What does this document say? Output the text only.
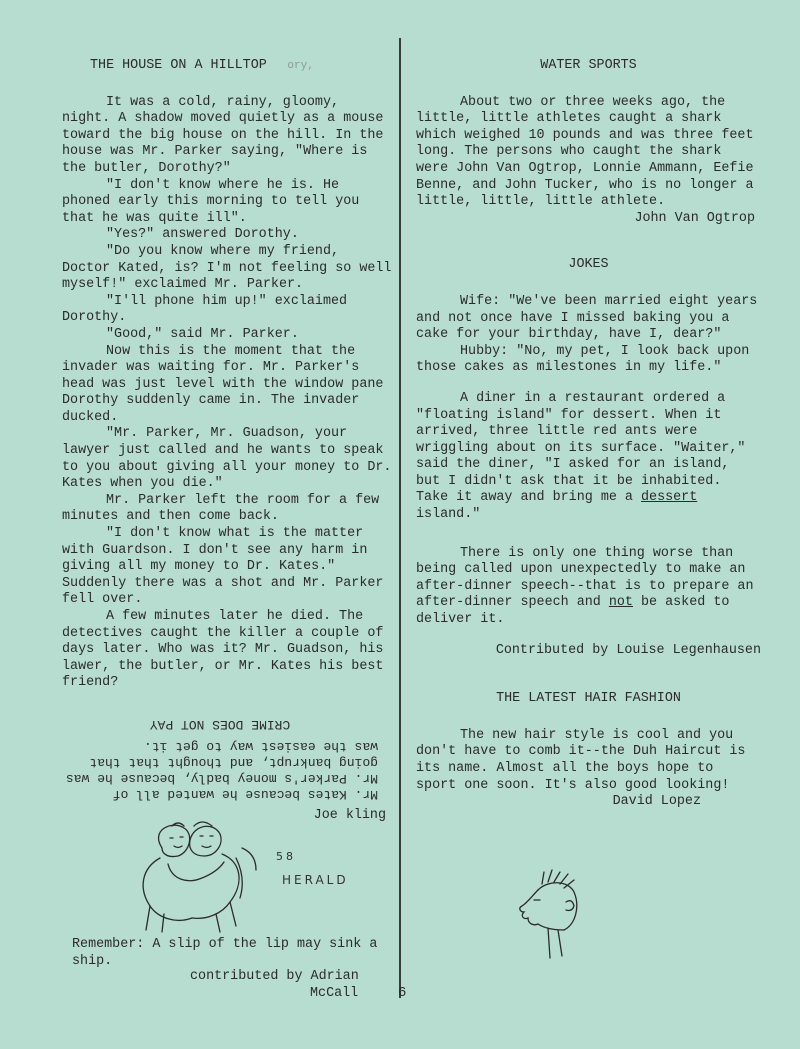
THE HOUSE ON A HILLTOP ory,

It was a cold, rainy, gloomy, night. A shadow moved quietly as a mouse toward the big house on the hill. In the house was Mr. Parker saying, "Where is the butler, Dorothy?"

"I don't know where he is. He phoned early this morning to tell you that he was quite ill".

"Yes?" answered Dorothy.

"Do you know where my friend, Doctor Kated, is? I'm not feeling so well myself!" exclaimed Mr. Parker.

"I'll phone him up!" exclaimed Dorothy.

"Good," said Mr. Parker.

Now this is the moment that the invader was waiting for. Mr. Parker's head was just level with the window pane Dorothy suddenly came in. The invader ducked.

"Mr. Parker, Mr. Guadson, your lawyer just called and he wants to speak to you about giving all your money to Dr. Kates when you die."

Mr. Parker left the room for a few minutes and then come back.

"I don't know what is the matter with Guardson. I don't see any harm in giving all my money to Dr. Kates." Suddenly there was a shot and Mr. Parker fell over.

A few minutes later he died. The detectives caught the killer a couple of days later. Who was it? Mr. Guadson, his lawer, the butler, or Mr. Kates his best friend?

Mr. Kates because he wanted all of
Mr. Parker's money badly, because he was
going bankrupt, and thought that that
was the easiest way to get it.
CRIME DOES NOT PAY

Joe kling

58
HERALD
Remember: A slip of the lip may sink a ship.
contributed by Adrian
McCall	6
WATER SPORTS

About two or three weeks ago, the little, little athletes caught a shark which weighed 10 pounds and was three feet long. The persons who caught the shark were John Van Ogtrop, Lonnie Ammann, Eefie Benne, and John Tucker, who is no longer a little, little, little athlete.

John Van Ogtrop

JOKES

Wife: "We've been married eight years and not once have I missed baking you a cake for your birthday, have I, dear?"

Hubby: "No, my pet, I look back upon those cakes as milestones in my life."

A diner in a restaurant ordered a "floating island" for dessert. When it arrived, three little red ants were wriggling about on its surface. "Waiter," said the diner, "I asked for an island, but I didn't ask that it be inhabited. Take it away and bring me a dessert island."

There is only one thing worse than being called upon unexpectedly to make an after-dinner speech--that is to prepare an after-dinner speech and not be asked to deliver it.

Contributed by Louise Legenhausen

THE LATEST HAIR FASHION

The new hair style is cool and you don't have to comb it--the Duh Haircut is its name. Almost all the boys hope to sport one soon. It's also good looking!

David Lopez
